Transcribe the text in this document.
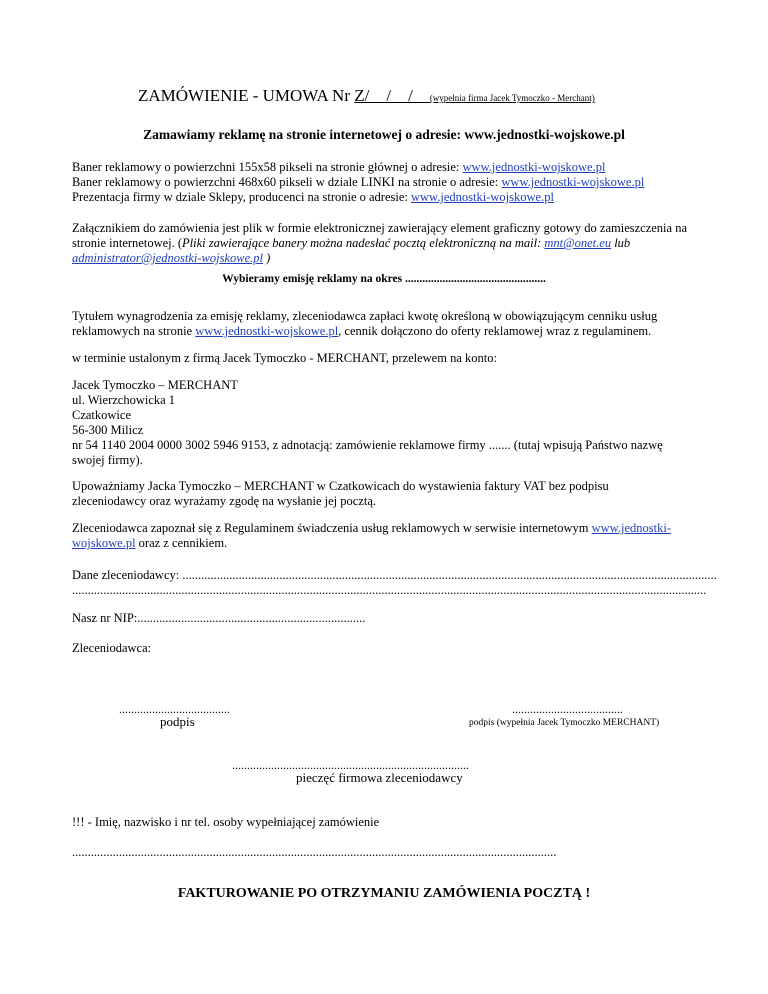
ZAMÓWIENIE - UMOWA Nr Z/    /    /    (wypełnia firma Jacek Tymoczko - Merchant)
Zamawiamy reklamę na stronie internetowej o adresie: www.jednostki-wojskowe.pl
Baner reklamowy o powierzchni 155x58 pikseli na stronie głównej o adresie: www.jednostki-wojskowe.pl
Baner reklamowy o powierzchni 468x60 pikseli w dziale LINKI na stronie o adresie: www.jednostki-wojskowe.pl
Prezentacja firmy w dziale Sklepy, producenci na stronie o adresie: www.jednostki-wojskowe.pl
Załącznikiem do zamówienia jest plik w formie elektronicznej zawierający element graficzny gotowy do zamieszczenia na stronie internetowej. (Pliki zawierające banery można nadesłać pocztą elektroniczną na mail: mnt@onet.eu lub administrator@jednostki-wojskowe.pl )
Wybieramy emisję reklamy na okres .................................................
Tytułem wynagrodzenia za emisję reklamy, zleceniodawca zapłaci kwotę określoną w obowiązującym cenniku usług reklamowych na stronie www.jednostki-wojskowe.pl, cennik dołączono do oferty reklamowej wraz z regulaminem.
w terminie ustalonym z firmą Jacek Tymoczko - MERCHANT, przelewem na konto:
Jacek Tymoczko – MERCHANT
ul. Wierzchowicka 1
Czatkowice
56-300 Milicz
nr 54 1140 2004 0000 3002 5946 9153, z adnotacją: zamówienie reklamowe firmy ....... (tutaj wpisują Państwo nazwę swojej firmy).
Upoważniamy Jacka Tymoczko – MERCHANT w Czatkowicach do wystawienia faktury VAT bez podpisu zleceniodawcy oraz wyrażamy zgodę na wysłanie jej pocztą.
Zleceniodawca zapoznał się z Regulaminem świadczenia usług reklamowych w serwisie internetowym www.jednostki-wojskowe.pl oraz z cennikiem.
Dane zleceniodawcy: ...........................................................................................................................................................................
...........................................................................................................................................................................................................
Nasz nr NIP:.........................................................................
Zleceniodawca:
.....................................
podpis
.....................................
podpis (wypełnia Jacek Tymoczko MERCHANT)
...............................................................................
pieczęć firmowa zleceniodawcy
!!! - Imię, nazwisko i nr tel. osoby wypełniającej zamówienie
...........................................................................................................................................................
FAKTUROWANIE PO OTRZYMANIU ZAMÓWIENIA POCZTĄ !
